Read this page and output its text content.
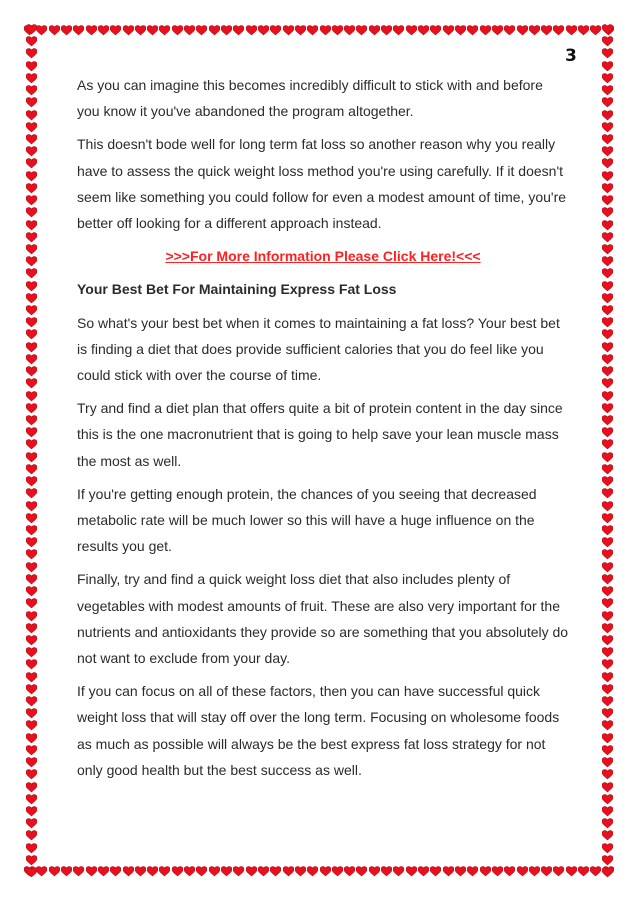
3

As you can imagine this becomes incredibly difficult to stick with and before you know it you've abandoned the program altogether.

This doesn't bode well for long term fat loss so another reason why you really have to assess the quick weight loss method you're using carefully. If it doesn't seem like something you could follow for even a modest amount of time, you're better off looking for a different approach instead.

>>>For More Information Please Click Here!<<<

Your Best Bet For Maintaining Express Fat Loss

So what's your best bet when it comes to maintaining a fat loss? Your best bet is finding a diet that does provide sufficient calories that you do feel like you could stick with over the course of time.

Try and find a diet plan that offers quite a bit of protein content in the day since this is the one macronutrient that is going to help save your lean muscle mass the most as well.

If you're getting enough protein, the chances of you seeing that decreased metabolic rate will be much lower so this will have a huge influence on the results you get.

Finally, try and find a quick weight loss diet that also includes plenty of vegetables with modest amounts of fruit. These are also very important for the nutrients and antioxidants they provide so are something that you absolutely do not want to exclude from your day.

If you can focus on all of these factors, then you can have successful quick weight loss that will stay off over the long term. Focusing on wholesome foods as much as possible will always be the best express fat loss strategy for not only good health but the best success as well.
